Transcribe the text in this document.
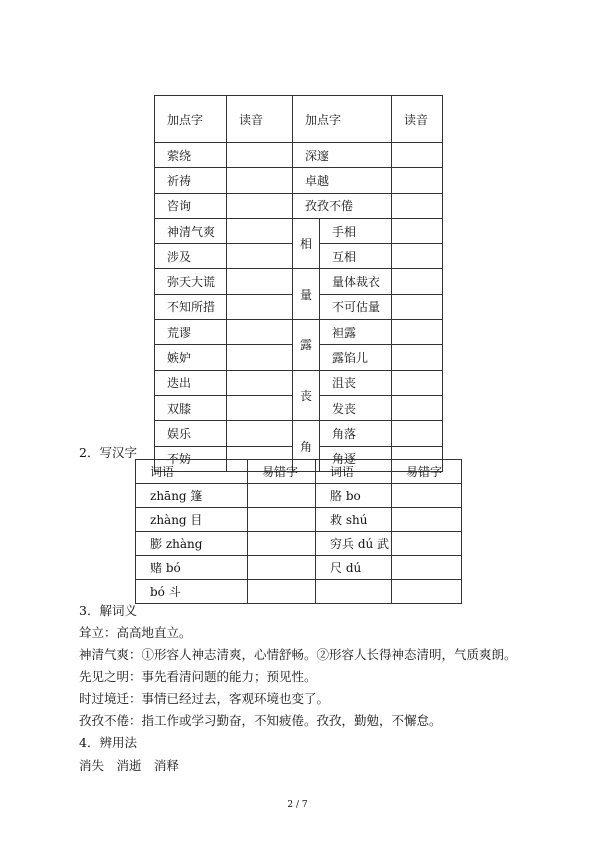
加点字	读音	加点字		读音
萦绕		深邃		
祈祷		卓越		
咨询		孜孜不倦		
神清气爽		相	手相	
涉及			互相	
弥天大谎		量	量体裁衣	
不知所措			不可估量	
荒谬		露	袒露	
嫉妒			露馅儿	
迭出		丧	沮丧	
双膝			发丧	
娱乐		角	角落	
不妨			角逐	
2．写汉字
词语	易错字	词语	易错字
zhāng 篷		胳 bo	
zhàng 目		救 shú	
膨 zhàng		穷兵 dú 武	
赌 bó		尺 dú	
bó 斗			
3．解词义
耸立：高高地直立。
神清气爽：①形容人神志清爽，心情舒畅。②形容人长得神态清明，气质爽朗。
先见之明：事先看清问题的能力；预见性。
时过境迁：事情已经过去，客观环境也变了。
孜孜不倦：指工作或学习勤奋，不知疲倦。孜孜，勤勉，不懈怠。
4．辨用法
消失　消逝　消释
2 / 7
